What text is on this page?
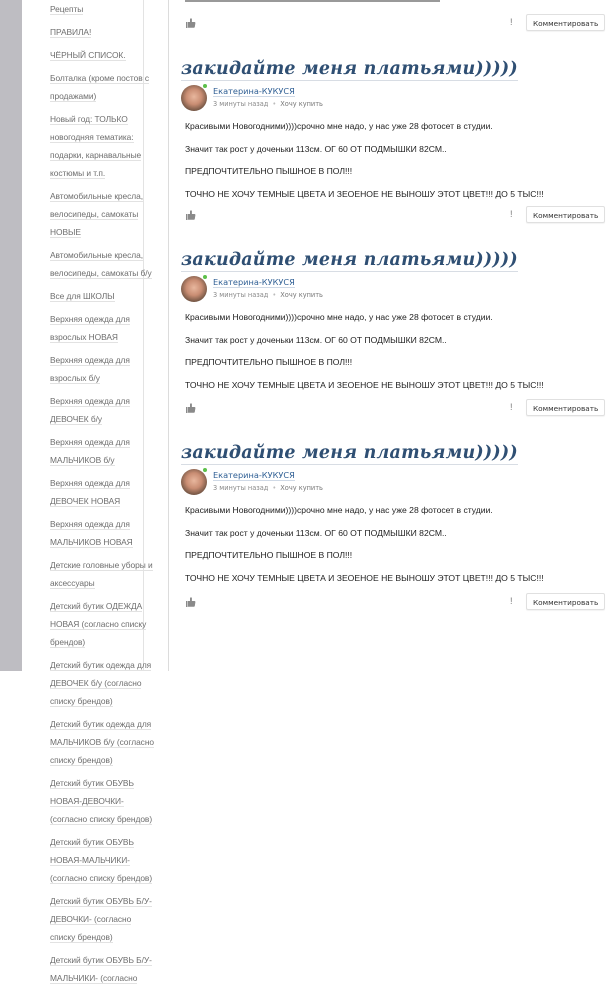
Рецепты
ПРАВИЛА!
ЧЁРНЫЙ СПИСОК.
Болталка (кроме постов с продажами)
Новый год: ТОЛЬКО новогодняя тематика: подарки, карнавальные костюмы и т.п.
Автомобильные кресла, велосипеды, самокаты НОВЫЕ
Автомобильные кресла, велосипеды, самокаты б/у
Все для ШКОЛЫ
Верхняя одежда для взрослых НОВАЯ
Верхняя одежда для взрослых б/у
Верхняя одежда для ДЕВОЧЕК б/у
Верхняя одежда для МАЛЬЧИКОВ б/у
Верхняя одежда для ДЕВОЧЕК НОВАЯ
Верхняя одежда для МАЛЬЧИКОВ НОВАЯ
Детские головные уборы и аксессуары
Детский бутик ОДЕЖДА НОВАЯ (согласно списку брендов)
Детский бутик одежда для ДЕВОЧЕК б/у (согласно списку брендов)
Детский бутик одежда для МАЛЬЧИКОВ б/у (согласно списку брендов)
Детский бутик ОБУВЬ НОВАЯ-ДЕВОЧКИ- (согласно списку брендов)
Детский бутик ОБУВЬ НОВАЯ-МАЛЬЧИКИ- (согласно списку брендов)
Детский бутик ОБУВЬ Б/У-ДЕВОЧКИ- (согласно списку брендов)
Детский бутик ОБУВЬ Б/У-МАЛЬЧИКИ- (согласно
!	Комментировать
закидайте меня платьями)))))
Екатерина-КУКУСЯ
3 минуты назад • Хочу купить

Красивыми Новогодними))))срочно мне надо, у нас уже 28 фотосет в студии.

Значит так рост у доченьки 113см. ОГ 60 ОТ ПОДМЫШКИ 82СМ..

ПРЕДПОЧТИТЕЛЬНО ПЫШНОЕ В ПОЛ!!!

ТОЧНО НЕ ХОЧУ ТЕМНЫЕ ЦВЕТА И ЗЕОЕНОЕ НЕ ВЫНОШУ ЭТОТ ЦВЕТ!!! ДО 5 ТЫС!!!

!	Комментировать
закидайте меня платьями)))))
Екатерина-КУКУСЯ
3 минуты назад • Хочу купить

Красивыми Новогодними))))срочно мне надо, у нас уже 28 фотосет в студии.

Значит так рост у доченьки 113см. ОГ 60 ОТ ПОДМЫШКИ 82СМ..

ПРЕДПОЧТИТЕЛЬНО ПЫШНОЕ В ПОЛ!!!

ТОЧНО НЕ ХОЧУ ТЕМНЫЕ ЦВЕТА И ЗЕОЕНОЕ НЕ ВЫНОШУ ЭТОТ ЦВЕТ!!! ДО 5 ТЫС!!!

!	Комментировать
закидайте меня платьями)))))
Екатерина-КУКУСЯ
3 минуты назад • Хочу купить

Красивыми Новогодними))))срочно мне надо, у нас уже 28 фотосет в студии.

Значит так рост у доченьки 113см. ОГ 60 ОТ ПОДМЫШКИ 82СМ..

ПРЕДПОЧТИТЕЛЬНО ПЫШНОЕ В ПОЛ!!!

ТОЧНО НЕ ХОЧУ ТЕМНЫЕ ЦВЕТА И ЗЕОЕНОЕ НЕ ВЫНОШУ ЭТОТ ЦВЕТ!!! ДО 5 ТЫС!!!

!	Комментировать
